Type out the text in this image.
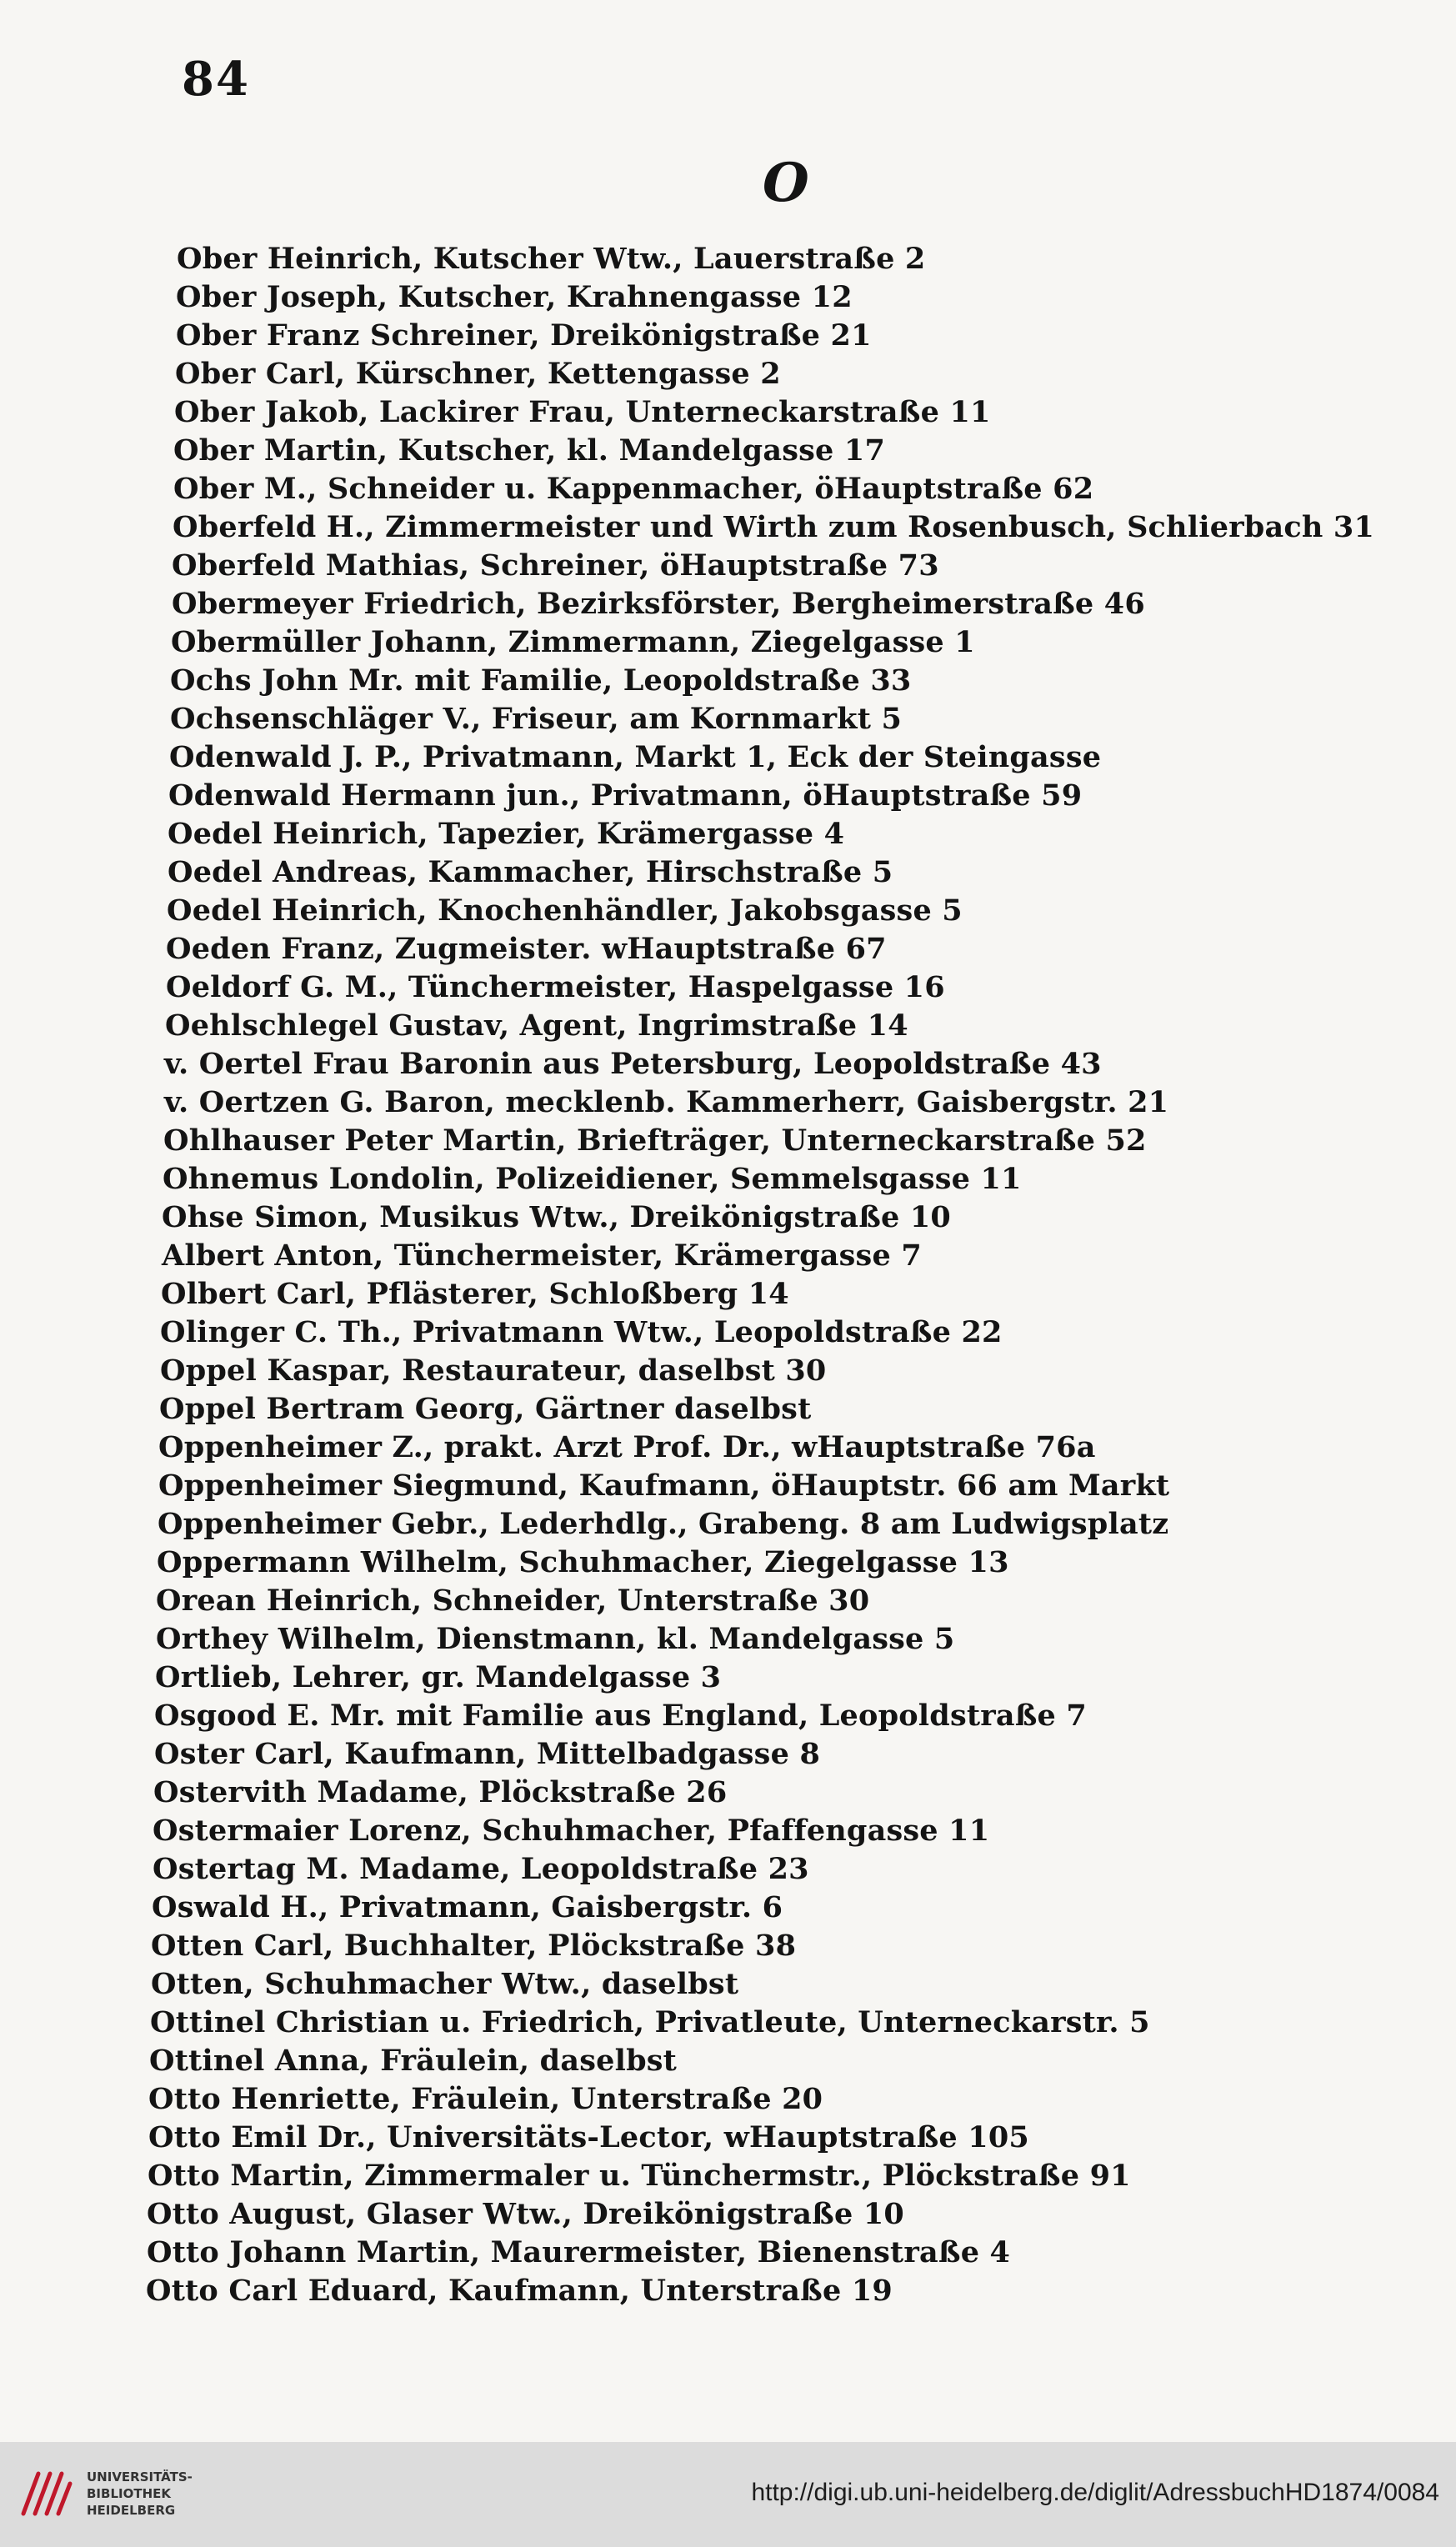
84
O
Ober Heinrich, Kutscher Wtw., Lauerstraße 2
Ober Joseph, Kutscher, Krahnengasse 12
Ober Franz Schreiner, Dreikönigstraße 21
Ober Carl, Kürschner, Kettengasse 2
Ober Jakob, Lackirer Frau, Unterneckarstraße 11
Ober Martin, Kutscher, kl. Mandelgasse 17
Ober M., Schneider u. Kappenmacher, öHauptstraße 62
Oberfeld H., Zimmermeister und Wirth zum Rosenbusch, Schlierbach 31
Oberfeld Mathias, Schreiner, öHauptstraße 73
Obermeyer Friedrich, Bezirksförster, Bergheimerstraße 46
Obermüller Johann, Zimmermann, Ziegelgasse 1
Ochs John Mr. mit Familie, Leopoldstraße 33
Ochsenschläger V., Friseur, am Kornmarkt 5
Odenwald J. P., Privatmann, Markt 1, Eck der Steingasse
Odenwald Hermann jun., Privatmann, öHauptstraße 59
Oedel Heinrich, Tapezier, Krämergasse 4
Oedel Andreas, Kammacher, Hirschstraße 5
Oedel Heinrich, Knochenhändler, Jakobsgasse 5
Oeden Franz, Zugmeister. wHauptstraße 67
Oeldorf G. M., Tünchermeister, Haspelgasse 16
Oehlschlegel Gustav, Agent, Ingrimstraße 14
v. Oertel Frau Baronin aus Petersburg, Leopoldstraße 43
v. Oertzen G. Baron, mecklenb. Kammerherr, Gaisbergstr. 21
Ohlhauser Peter Martin, Briefträger, Unterneckarstraße 52
Ohnemus Londolin, Polizeidiener, Semmelsgasse 11
Ohse Simon, Musikus Wtw., Dreikönigstraße 10
Albert Anton, Tünchermeister, Krämergasse 7
Olbert Carl, Pflästerer, Schloßberg 14
Olinger C. Th., Privatmann Wtw., Leopoldstraße 22
Oppel Kaspar, Restaurateur, daselbst 30
Oppel Bertram Georg, Gärtner daselbst
Oppenheimer Z., prakt. Arzt Prof. Dr., wHauptstraße 76a
Oppenheimer Siegmund, Kaufmann, öHauptstr. 66 am Markt
Oppenheimer Gebr., Lederhdlg., Grabeng. 8 am Ludwigsplatz
Oppermann Wilhelm, Schuhmacher, Ziegelgasse 13
Orean Heinrich, Schneider, Unterstraße 30
Orthey Wilhelm, Dienstmann, kl. Mandelgasse 5
Ortlieb, Lehrer, gr. Mandelgasse 3
Osgood E. Mr. mit Familie aus England, Leopoldstraße 7
Oster Carl, Kaufmann, Mittelbadgasse 8
Ostervith Madame, Plöckstraße 26
Ostermaier Lorenz, Schuhmacher, Pfaffengasse 11
Ostertag M. Madame, Leopoldstraße 23
Oswald H., Privatmann, Gaisbergstr. 6
Otten Carl, Buchhalter, Plöckstraße 38
Otten, Schuhmacher Wtw., daselbst
Ottinel Christian u. Friedrich, Privatleute, Unterneckarstr. 5
Ottinel Anna, Fräulein, daselbst
Otto Henriette, Fräulein, Unterstraße 20
Otto Emil Dr., Universitäts-Lector, wHauptstraße 105
Otto Martin, Zimmermaler u. Tünchermstr., Plöckstraße 91
Otto August, Glaser Wtw., Dreikönigstraße 10
Otto Johann Martin, Maurermeister, Bienenstraße 4
Otto Carl Eduard, Kaufmann, Unterstraße 19
UNIVERSITÄTS-
BIBLIOTHEK
HEIDELBERG
http://digi.ub.uni-heidelberg.de/diglit/AdressbuchHD1874/0084
